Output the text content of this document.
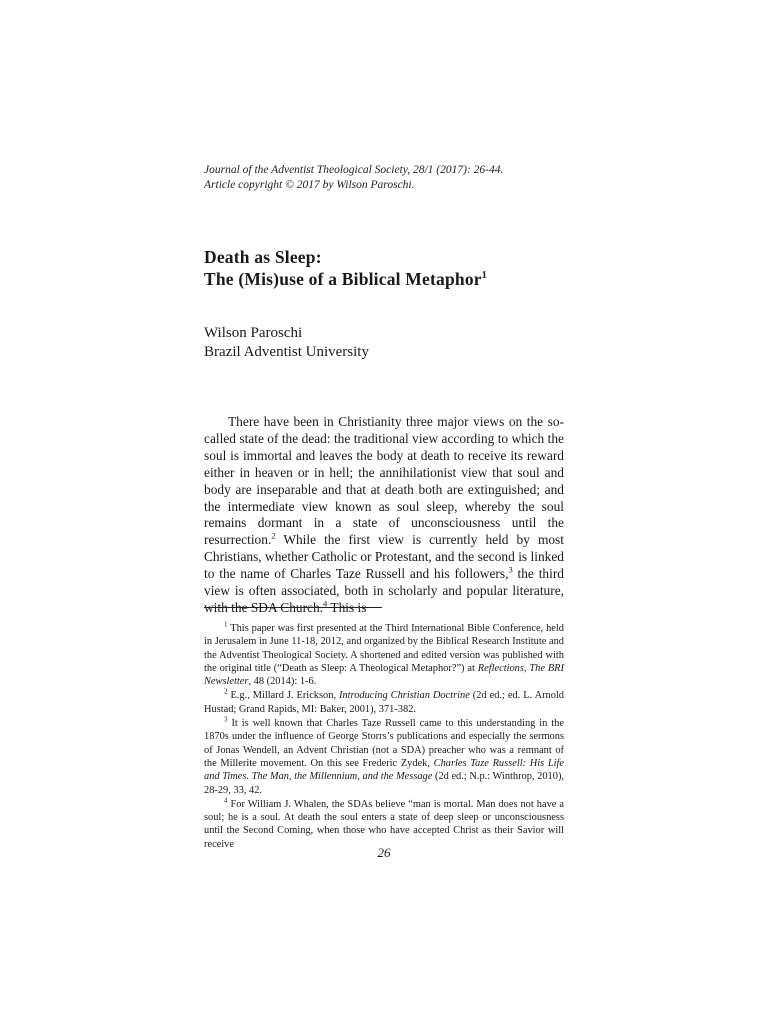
Journal of the Adventist Theological Society, 28/1 (2017): 26-44.
Article copyright © 2017 by Wilson Paroschi.
Death as Sleep:
The (Mis)use of a Biblical Metaphor$^1$
Wilson Paroschi
Brazil Adventist University

There have been in Christianity three major views on the so-called state of the dead: the traditional view according to which the soul is immortal and leaves the body at death to receive its reward either in heaven or in hell; the annihilationist view that soul and body are inseparable and that at death both are extinguished; and the intermediate view known as soul sleep, whereby the soul remains dormant in a state of unconsciousness until the resurrection.$^2$ While the first view is currently held by most Christians, whether Catholic or Protestant, and the second is linked to the name of Charles Taze Russell and his followers,$^3$ the third view is often associated, both in scholarly and popular literature, with the SDA Church.$^4$ This is

$^1$ This paper was first presented at the Third International Bible Conference, held in Jerusalem in June 11-18, 2012, and organized by the Biblical Research Institute and the Adventist Theological Society. A shortened and edited version was published with the original title (“Death as Sleep: A Theological Metaphor?”) at Reflections, The BRI Newsletter, 48 (2014): 1-6.

$^2$ E.g., Millard J. Erickson, Introducing Christian Doctrine (2d ed.; ed. L. Arnold Hustad; Grand Rapids, MI: Baker, 2001), 371-382.

$^3$ It is well known that Charles Taze Russell came to this understanding in the 1870s under the influence of George Storrs’s publications and especially the sermons of Jonas Wendell, an Advent Christian (not a SDA) preacher who was a remnant of the Millerite movement. On this see Frederic Zydek, Charles Taze Russell: His Life and Times. The Man, the Millennium, and the Message (2d ed.; N.p.: Winthrop, 2010), 28-29, 33, 42.

$^4$ For William J. Whalen, the SDAs believe “man is mortal. Man does not have a soul; he is a soul. At death the soul enters a state of deep sleep or unconsciousness until the Second Coming, when those who have accepted Christ as their Savior will receive

26
